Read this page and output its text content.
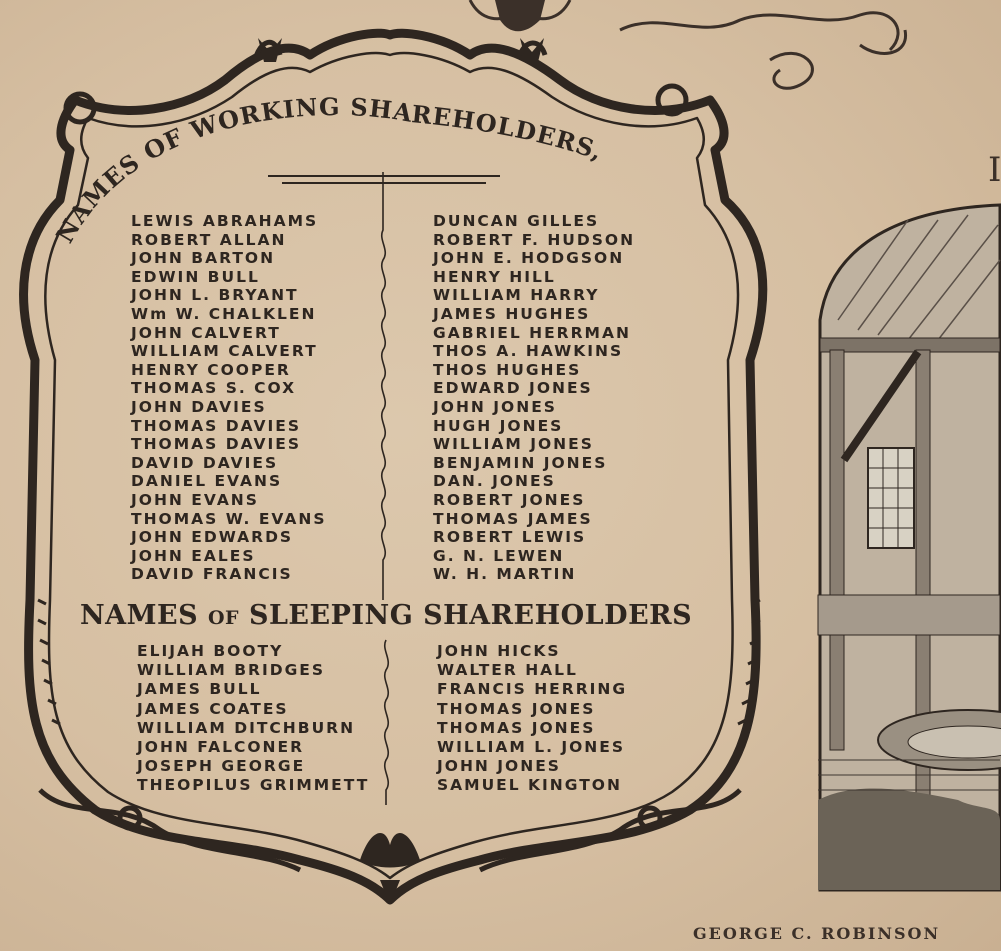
NAMES OF WORKING SHAREHOLDERS,
LEWIS ABRAHAMS
ROBERT ALLAN
JOHN BARTON
EDWIN BULL
JOHN L. BRYANT
Wm W. CHALKLEN
JOHN CALVERT
WILLIAM CALVERT
HENRY COOPER
THOMAS S. COX
JOHN DAVIES
THOMAS DAVIES
THOMAS DAVIES
DAVID DAVIES
DANIEL EVANS
JOHN EVANS
THOMAS W. EVANS
JOHN EDWARDS
JOHN EALES
DAVID FRANCIS
DUNCAN GILLES
ROBERT F. HUDSON
JOHN E. HODGSON
HENRY HILL
WILLIAM HARRY
JAMES HUGHES
GABRIEL HERRMAN
THOS A. HAWKINS
THOS HUGHES
EDWARD JONES
JOHN JONES
HUGH JONES
WILLIAM JONES
BENJAMIN JONES
DAN. JONES
ROBERT JONES
THOMAS JAMES
ROBERT LEWIS
G. N. LEWEN
W. H. MARTIN
NAMES OF SLEEPING SHAREHOLDERS
ELIJAH BOOTY
WILLIAM BRIDGES
JAMES BULL
JAMES COATES
WILLIAM DITCHBURN
JOHN FALCONER
JOSEPH GEORGE
THEOPILUS GRIMMETT
JOHN HICKS
WALTER HALL
FRANCIS HERRING
THOMAS JONES
THOMAS JONES
WILLIAM L. JONES
JOHN JONES
SAMUEL KINGTON
I
GEORGE C. ROBINSON
